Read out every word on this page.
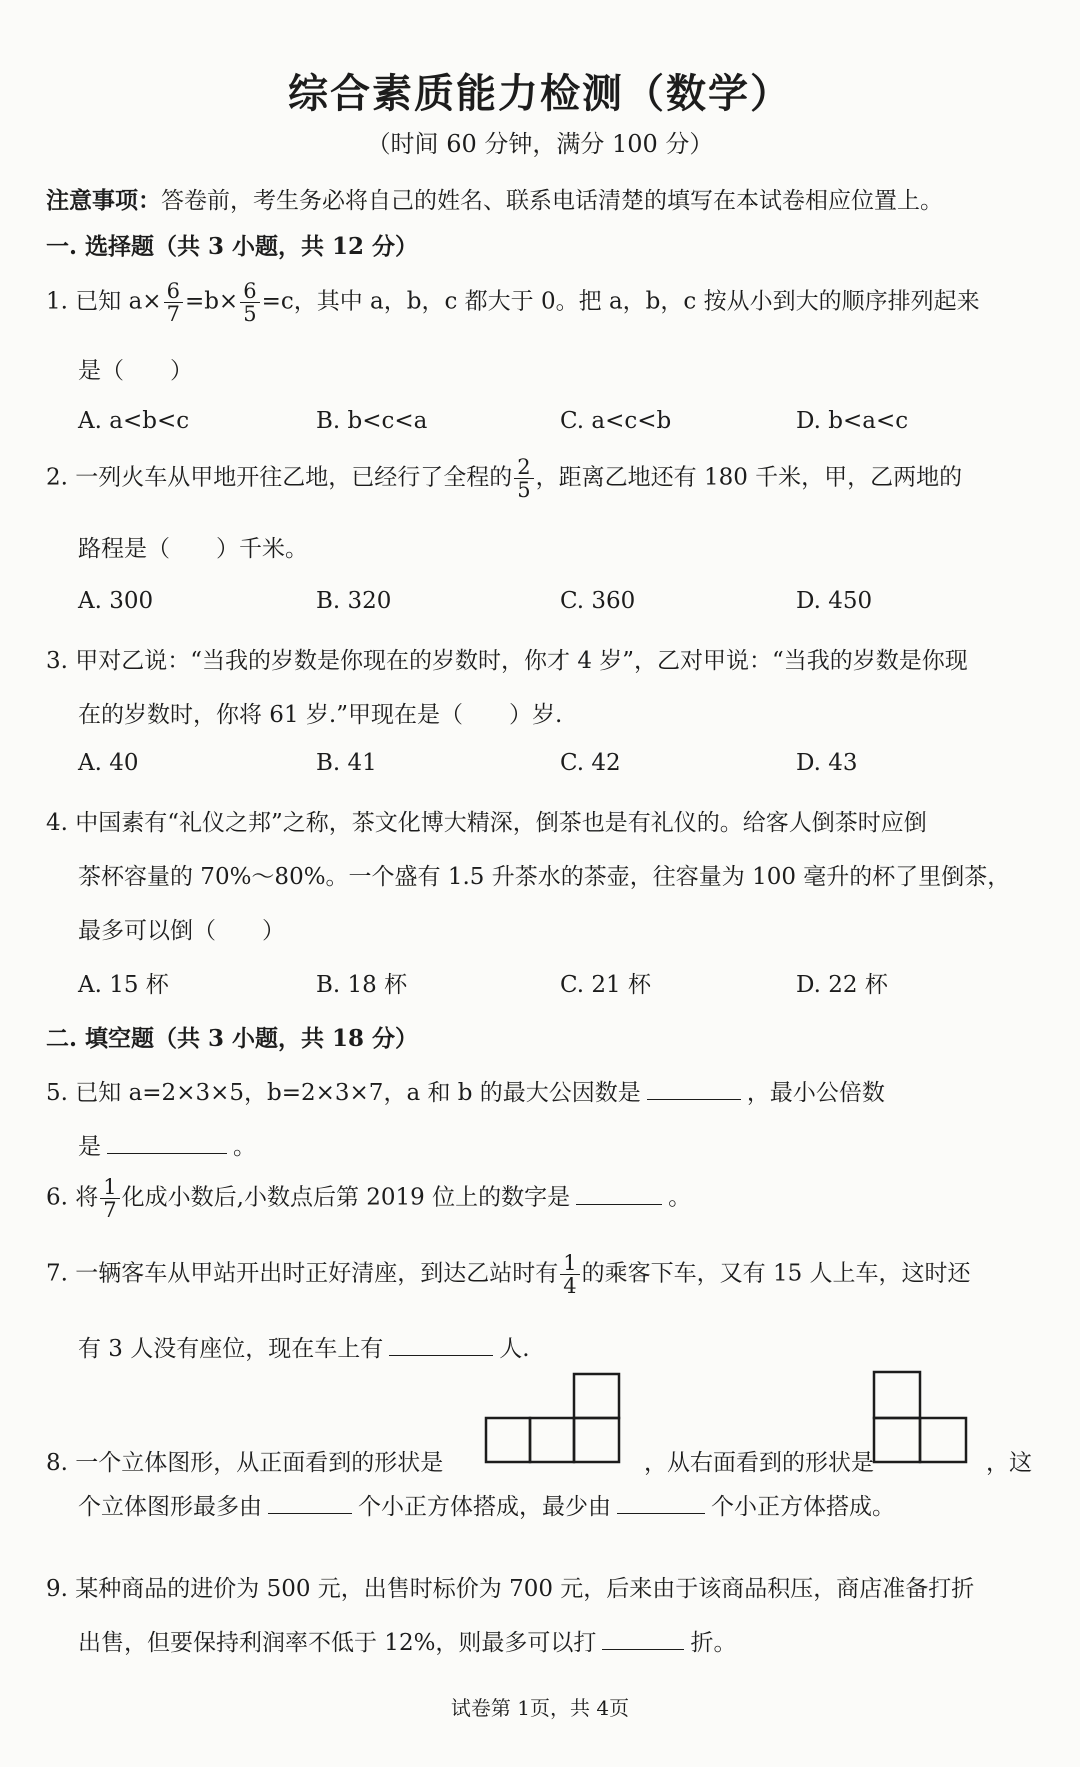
综合素质能力检测（数学）
（时间 60 分钟，满分 100 分）
注意事项：答卷前，考生务必将自己的姓名、联系电话清楚的填写在本试卷相应位置上。
一. 选择题（共 3 小题，共 12 分）
1. 已知 $a\times \frac{6}{7} =b\times \frac{6}{5} =c$，其中 a，b，c 都大于 0。把 a，b，c 按从小到大的顺序排列起来
是（　　）
A. a<b<c	B. b<c<a	C. a<c<b	D. b<a<c
2. 一列火车从甲地开往乙地，已经行了全程的 $\frac{2}{5}$ ，距离乙地还有 180 千米，甲，乙两地的
路程是（　　）千米。
A. 300	B. 320	C. 360	D. 450
3. 甲对乙说：“当我的岁数是你现在的岁数时，你才 4 岁”，乙对甲说：“当我的岁数是你现
在的岁数时，你将 61 岁.”甲现在是（　　）岁.
A. 40	B. 41	C. 42	D. 43
4. 中国素有“礼仪之邦”之称，茶文化博大精深，倒茶也是有礼仪的。给客人倒茶时应倒
茶杯容量的 70%～80%。一个盛有 1.5 升茶水的茶壶，往容量为 100 毫升的杯了里倒茶，
最多可以倒（　　）
A. 15 杯	B. 18 杯	C. 21 杯	D. 22 杯
二. 填空题（共 3 小题，共 18 分）
5. 已知 a=2×3×5，b=2×3×7，a 和 b 的最大公因数是	，最小公倍数
是	。
6. 将 $\frac{1}{7}$ 化成小数后,小数点后第 2019 位上的数字是	。
7. 一辆客车从甲站开出时正好清座，到达乙站时有 $\frac{1}{4}$ 的乘客下车，又有 15 人上车，这时还
有 3 人没有座位，现在车上有	人.
8. 一个立体图形，从正面看到的形状是	，从右面看到的形状是	，这
个立体图形最多由	个小正方体搭成，最少由	个小正方体搭成。
9. 某种商品的进价为 500 元，出售时标价为 700 元，后来由于该商品积压，商店准备打折
出售，但要保持利润率不低于 12%，则最多可以打	折。
试卷第 1页，共 4页
